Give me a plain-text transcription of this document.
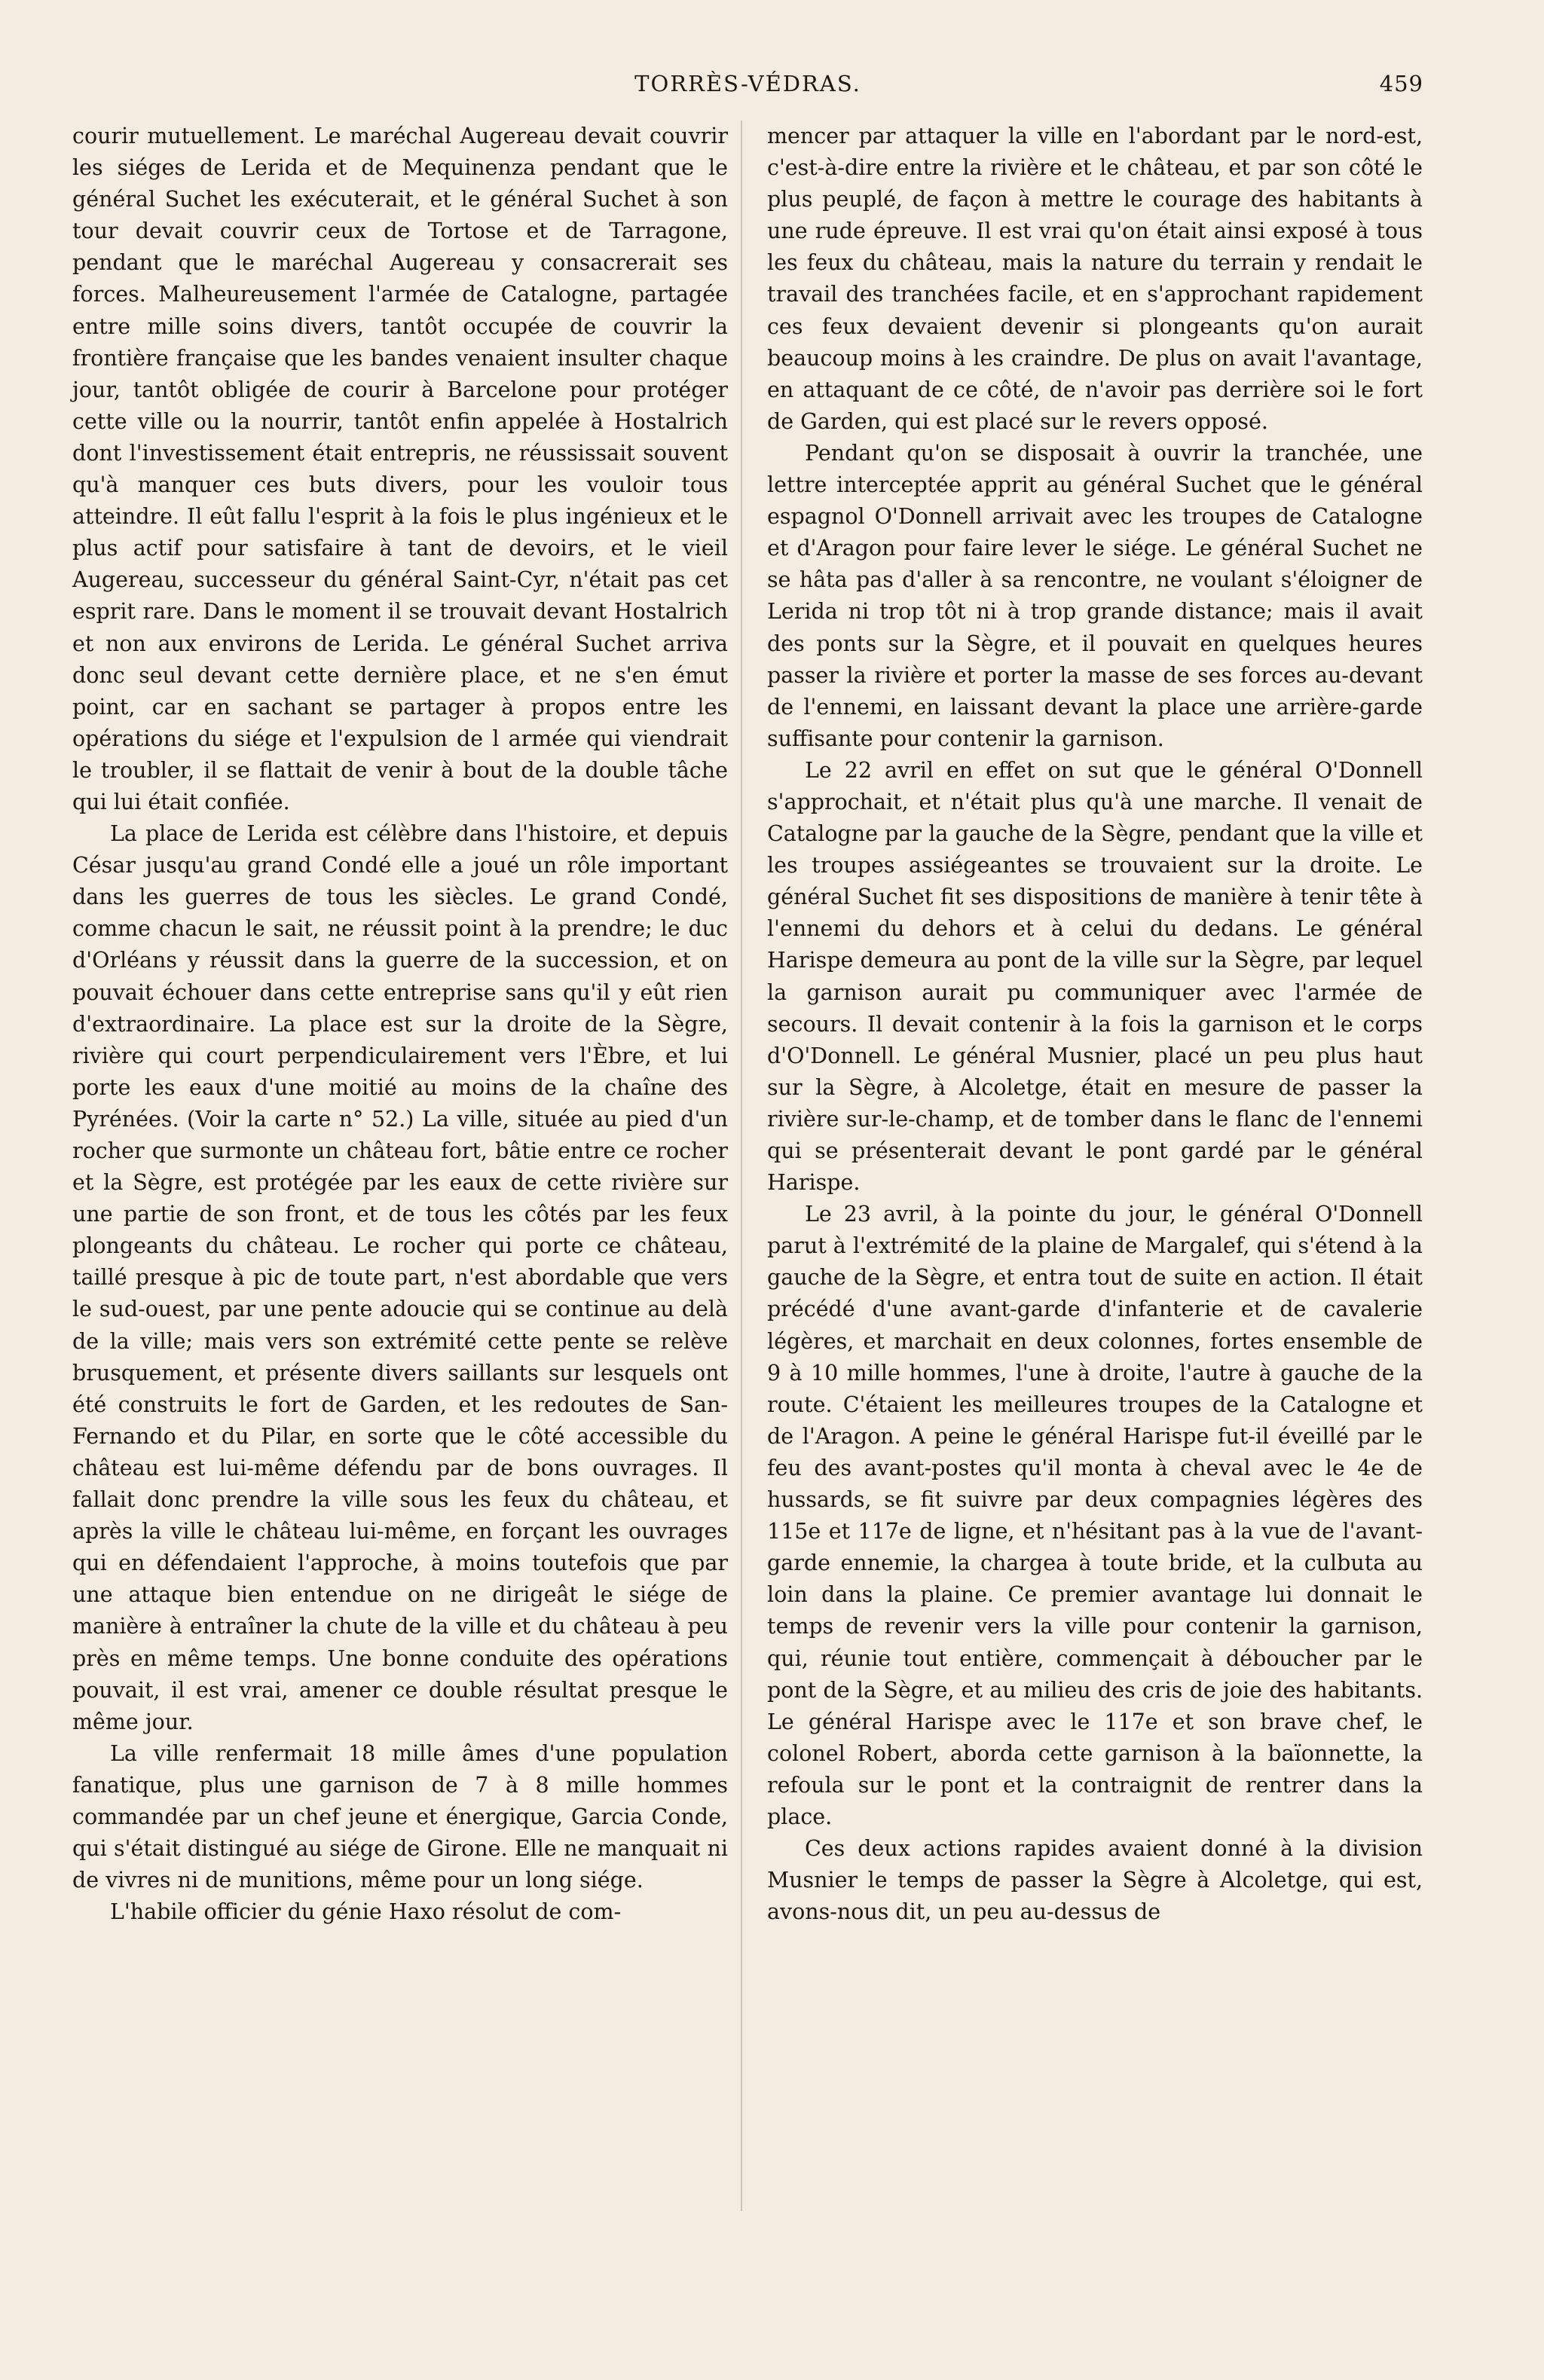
TORRÈS-VÉDRAS.	459

courir mutuellement. Le maréchal Augereau devait couvrir les siéges de Lerida et de Mequinenza pendant que le général Suchet les exécuterait, et le général Suchet à son tour devait couvrir ceux de Tortose et de Tarragone, pendant que le maréchal Augereau y consacrerait ses forces. Malheureusement l'armée de Catalogne, partagée entre mille soins divers, tantôt occupée de couvrir la frontière française que les bandes venaient insulter chaque jour, tantôt obligée de courir à Barcelone pour protéger cette ville ou la nourrir, tantôt enfin appelée à Hostalrich dont l'investissement était entrepris, ne réussissait souvent qu'à manquer ces buts divers, pour les vouloir tous atteindre. Il eût fallu l'esprit à la fois le plus ingénieux et le plus actif pour satisfaire à tant de devoirs, et le vieil Augereau, successeur du général Saint-Cyr, n'était pas cet esprit rare. Dans le moment il se trouvait devant Hostalrich et non aux environs de Lerida. Le général Suchet arriva donc seul devant cette dernière place, et ne s'en émut point, car en sachant se partager à propos entre les opérations du siége et l'expulsion de l armée qui viendrait le troubler, il se flattait de venir à bout de la double tâche qui lui était confiée.

La place de Lerida est célèbre dans l'histoire, et depuis César jusqu'au grand Condé elle a joué un rôle important dans les guerres de tous les siècles. Le grand Condé, comme chacun le sait, ne réussit point à la prendre; le duc d'Orléans y réussit dans la guerre de la succession, et on pouvait échouer dans cette entreprise sans qu'il y eût rien d'extraordinaire. La place est sur la droite de la Sègre, rivière qui court perpendiculairement vers l'Èbre, et lui porte les eaux d'une moitié au moins de la chaîne des Pyrénées. (Voir la carte n° 52.) La ville, située au pied d'un rocher que surmonte un château fort, bâtie entre ce rocher et la Sègre, est protégée par les eaux de cette rivière sur une partie de son front, et de tous les côtés par les feux plongeants du château. Le rocher qui porte ce château, taillé presque à pic de toute part, n'est abordable que vers le sud-ouest, par une pente adoucie qui se continue au delà de la ville; mais vers son extrémité cette pente se relève brusquement, et présente divers saillants sur lesquels ont été construits le fort de Garden, et les redoutes de San-Fernando et du Pilar, en sorte que le côté accessible du château est lui-même défendu par de bons ouvrages. Il fallait donc prendre la ville sous les feux du château, et après la ville le château lui-même, en forçant les ouvrages qui en défendaient l'approche, à moins toutefois que par une attaque bien entendue on ne dirigeât le siége de manière à entraîner la chute de la ville et du château à peu près en même temps. Une bonne conduite des opérations pouvait, il est vrai, amener ce double résultat presque le même jour.

La ville renfermait 18 mille âmes d'une population fanatique, plus une garnison de 7 à 8 mille hommes commandée par un chef jeune et énergique, Garcia Conde, qui s'était distingué au siége de Girone. Elle ne manquait ni de vivres ni de munitions, même pour un long siége.

L'habile officier du génie Haxo résolut de com-

mencer par attaquer la ville en l'abordant par le nord-est, c'est-à-dire entre la rivière et le château, et par son côté le plus peuplé, de façon à mettre le courage des habitants à une rude épreuve. Il est vrai qu'on était ainsi exposé à tous les feux du château, mais la nature du terrain y rendait le travail des tranchées facile, et en s'approchant rapidement ces feux devaient devenir si plongeants qu'on aurait beaucoup moins à les craindre. De plus on avait l'avantage, en attaquant de ce côté, de n'avoir pas derrière soi le fort de Garden, qui est placé sur le revers opposé.

Pendant qu'on se disposait à ouvrir la tranchée, une lettre interceptée apprit au général Suchet que le général espagnol O'Donnell arrivait avec les troupes de Catalogne et d'Aragon pour faire lever le siége. Le général Suchet ne se hâta pas d'aller à sa rencontre, ne voulant s'éloigner de Lerida ni trop tôt ni à trop grande distance; mais il avait des ponts sur la Sègre, et il pouvait en quelques heures passer la rivière et porter la masse de ses forces au-devant de l'ennemi, en laissant devant la place une arrière-garde suffisante pour contenir la garnison.

Le 22 avril en effet on sut que le général O'Donnell s'approchait, et n'était plus qu'à une marche. Il venait de Catalogne par la gauche de la Sègre, pendant que la ville et les troupes assiégeantes se trouvaient sur la droite. Le général Suchet fit ses dispositions de manière à tenir tête à l'ennemi du dehors et à celui du dedans. Le général Harispe demeura au pont de la ville sur la Sègre, par lequel la garnison aurait pu communiquer avec l'armée de secours. Il devait contenir à la fois la garnison et le corps d'O'Donnell. Le général Musnier, placé un peu plus haut sur la Sègre, à Alcoletge, était en mesure de passer la rivière sur-le-champ, et de tomber dans le flanc de l'ennemi qui se présenterait devant le pont gardé par le général Harispe.

Le 23 avril, à la pointe du jour, le général O'Donnell parut à l'extrémité de la plaine de Margalef, qui s'étend à la gauche de la Sègre, et entra tout de suite en action. Il était précédé d'une avant-garde d'infanterie et de cavalerie légères, et marchait en deux colonnes, fortes ensemble de 9 à 10 mille hommes, l'une à droite, l'autre à gauche de la route. C'étaient les meilleures troupes de la Catalogne et de l'Aragon. A peine le général Harispe fut-il éveillé par le feu des avant-postes qu'il monta à cheval avec le 4e de hussards, se fit suivre par deux compagnies légères des 115e et 117e de ligne, et n'hésitant pas à la vue de l'avant-garde ennemie, la chargea à toute bride, et la culbuta au loin dans la plaine. Ce premier avantage lui donnait le temps de revenir vers la ville pour contenir la garnison, qui, réunie tout entière, commençait à déboucher par le pont de la Sègre, et au milieu des cris de joie des habitants. Le général Harispe avec le 117e et son brave chef, le colonel Robert, aborda cette garnison à la baïonnette, la refoula sur le pont et la contraignit de rentrer dans la place.

Ces deux actions rapides avaient donné à la division Musnier le temps de passer la Sègre à Alcoletge, qui est, avons-nous dit, un peu au-dessus de
